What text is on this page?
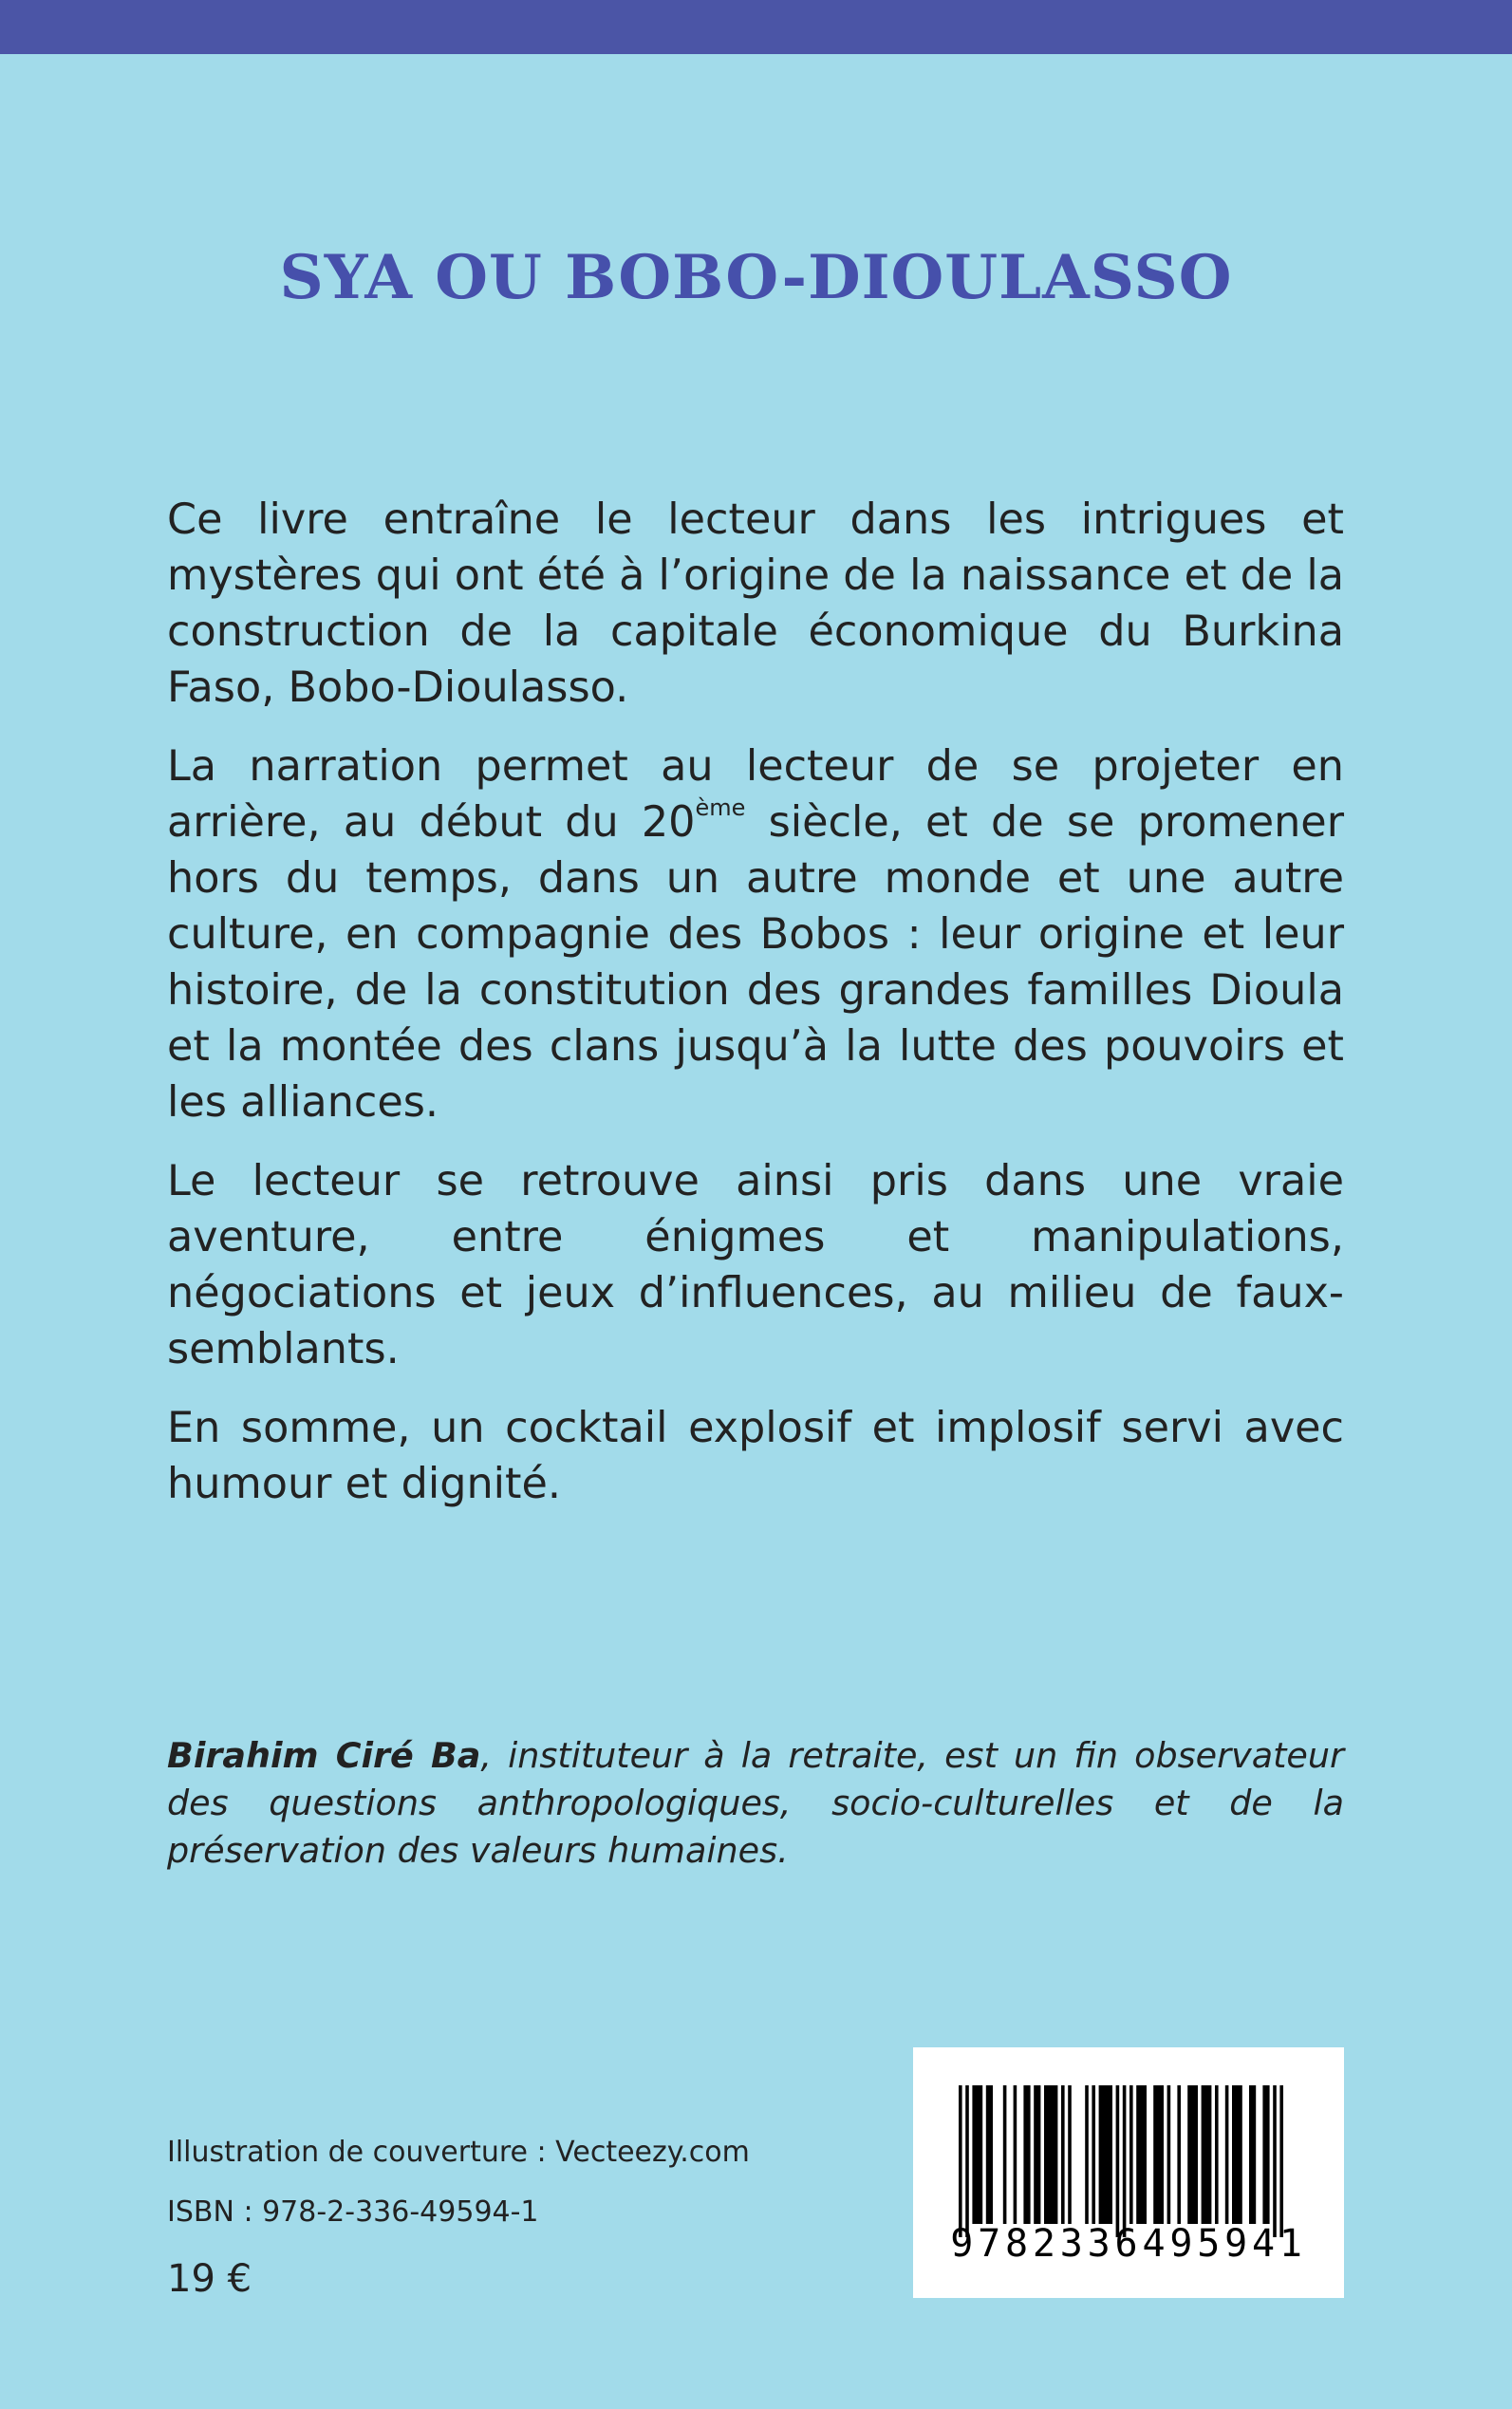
SYA OU BOBO-DIOULASSO

Ce livre entraîne le lecteur dans les intrigues et mystères qui ont été à l’origine de la naissance et de la construction de la capitale économique du Burkina Faso, Bobo-Dioulasso.

La narration permet au lecteur de se projeter en arrière, au début du 20ème siècle, et de se promener hors du temps, dans un autre monde et une autre culture, en compagnie des Bobos : leur origine et leur histoire, de la constitution des grandes familles Dioula et la montée des clans jusqu’à la lutte des pouvoirs et les alliances.

Le lecteur se retrouve ainsi pris dans une vraie aventure, entre énigmes et manipulations, négociations et jeux d’influences, au milieu de faux-semblants.

En somme, un cocktail explosif et implosif servi avec humour et dignité.

Birahim Ciré Ba, instituteur à la retraite, est un fin observateur des questions anthropologiques, socio-culturelles et de la préservation des valeurs humaines.

Illustration de couverture : Vecteezy.com

ISBN : 978-2-336-49594-1

19 €

9782336495941
